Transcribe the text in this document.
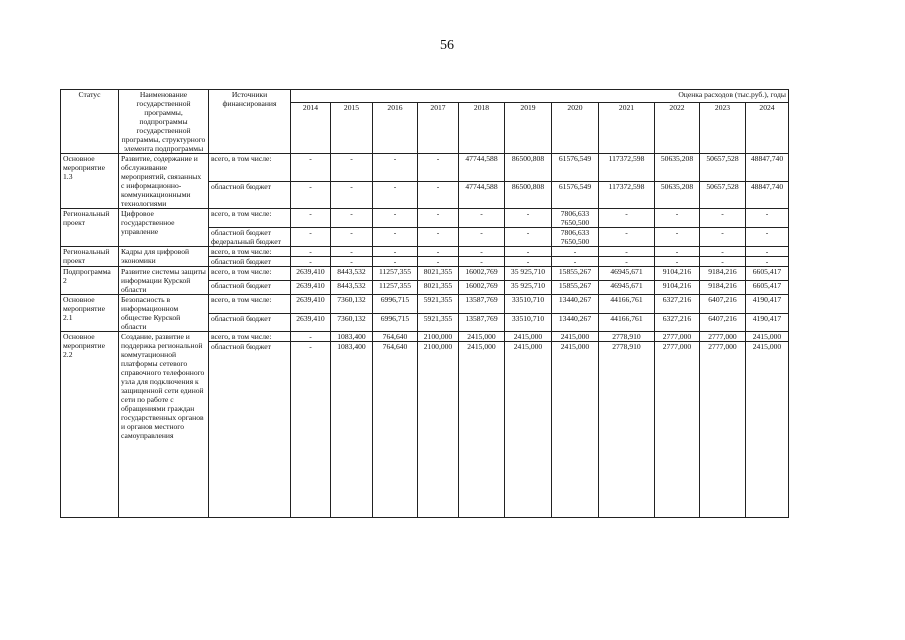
56
Статус	Наименование государственной программы, подпрограммы государственной программы, структурного элемента подпрограммы	Источники финансирования	Оценка расходов (тыс.руб.), годы										
			2014	2015	2016	2017	2018	2019	2020	2021	2022	2023	2024
Основное мероприятие 1.3	Развитие, содержание и обслуживание мероприятий, связанных с информационно-коммуникационными технологиями	всего, в том числе:	-	-	-	-	47744,588	86500,808	61576,549	117372,598	50635,208	50657,528	48847,740
		областной бюджет	-	-	-	-	47744,588	86500,808	61576,549	117372,598	50635,208	50657,528	48847,740
Региональный проект	Цифровое государственное управление	всего, в том числе:	-	-	-	-	-	-	7806,633 7650,500	-	-	-	-
		областной бюджет федеральный бюджет	-	-	-	-	-	-	7806,633 7650,500	-	-	-	-
Региональный проект	Кадры для цифровой экономики	всего, в том числе:	-	-	-	-	-	-	-	-	-	-	-
		областной бюджет	-	-	-	-	-	-	-	-	-	-	-
Подпрограмма 2	Развитие системы защиты информации Курской области	всего, в том числе:	2639,410	8443,532	11257,355	8021,355	16002,769	35 925,710	15855,267	46945,671	9104,216	9184,216	6605,417
		областной бюджет	2639,410	8443,532	11257,355	8021,355	16002,769	35 925,710	15855,267	46945,671	9104,216	9184,216	6605,417
Основное мероприятие 2.1	Безопасность в информационном обществе Курской области	всего, в том числе:	2639,410	7360,132	6996,715	5921,355	13587,769	33510,710	13440,267	44166,761	6327,216	6407,216	4190,417
		областной бюджет	2639,410	7360,132	6996,715	5921,355	13587,769	33510,710	13440,267	44166,761	6327,216	6407,216	4190,417
Основное мероприятие 2.2	Создание, развитие и поддержка региональной коммутационной платформы сетевого справочного телефонного узла для подключения к защищенной сети единой сети по работе с обращениями граждан государственных органов и органов местного самоуправления	всего, в том числе:	-	1083,400	764,640	2100,000	2415,000	2415,000	2415,000	2778,910	2777,000	2777,000	2415,000
		областной бюджет	-	1083,400	764,640	2100,000	2415,000	2415,000	2415,000	2778,910	2777,000	2777,000	2415,000
